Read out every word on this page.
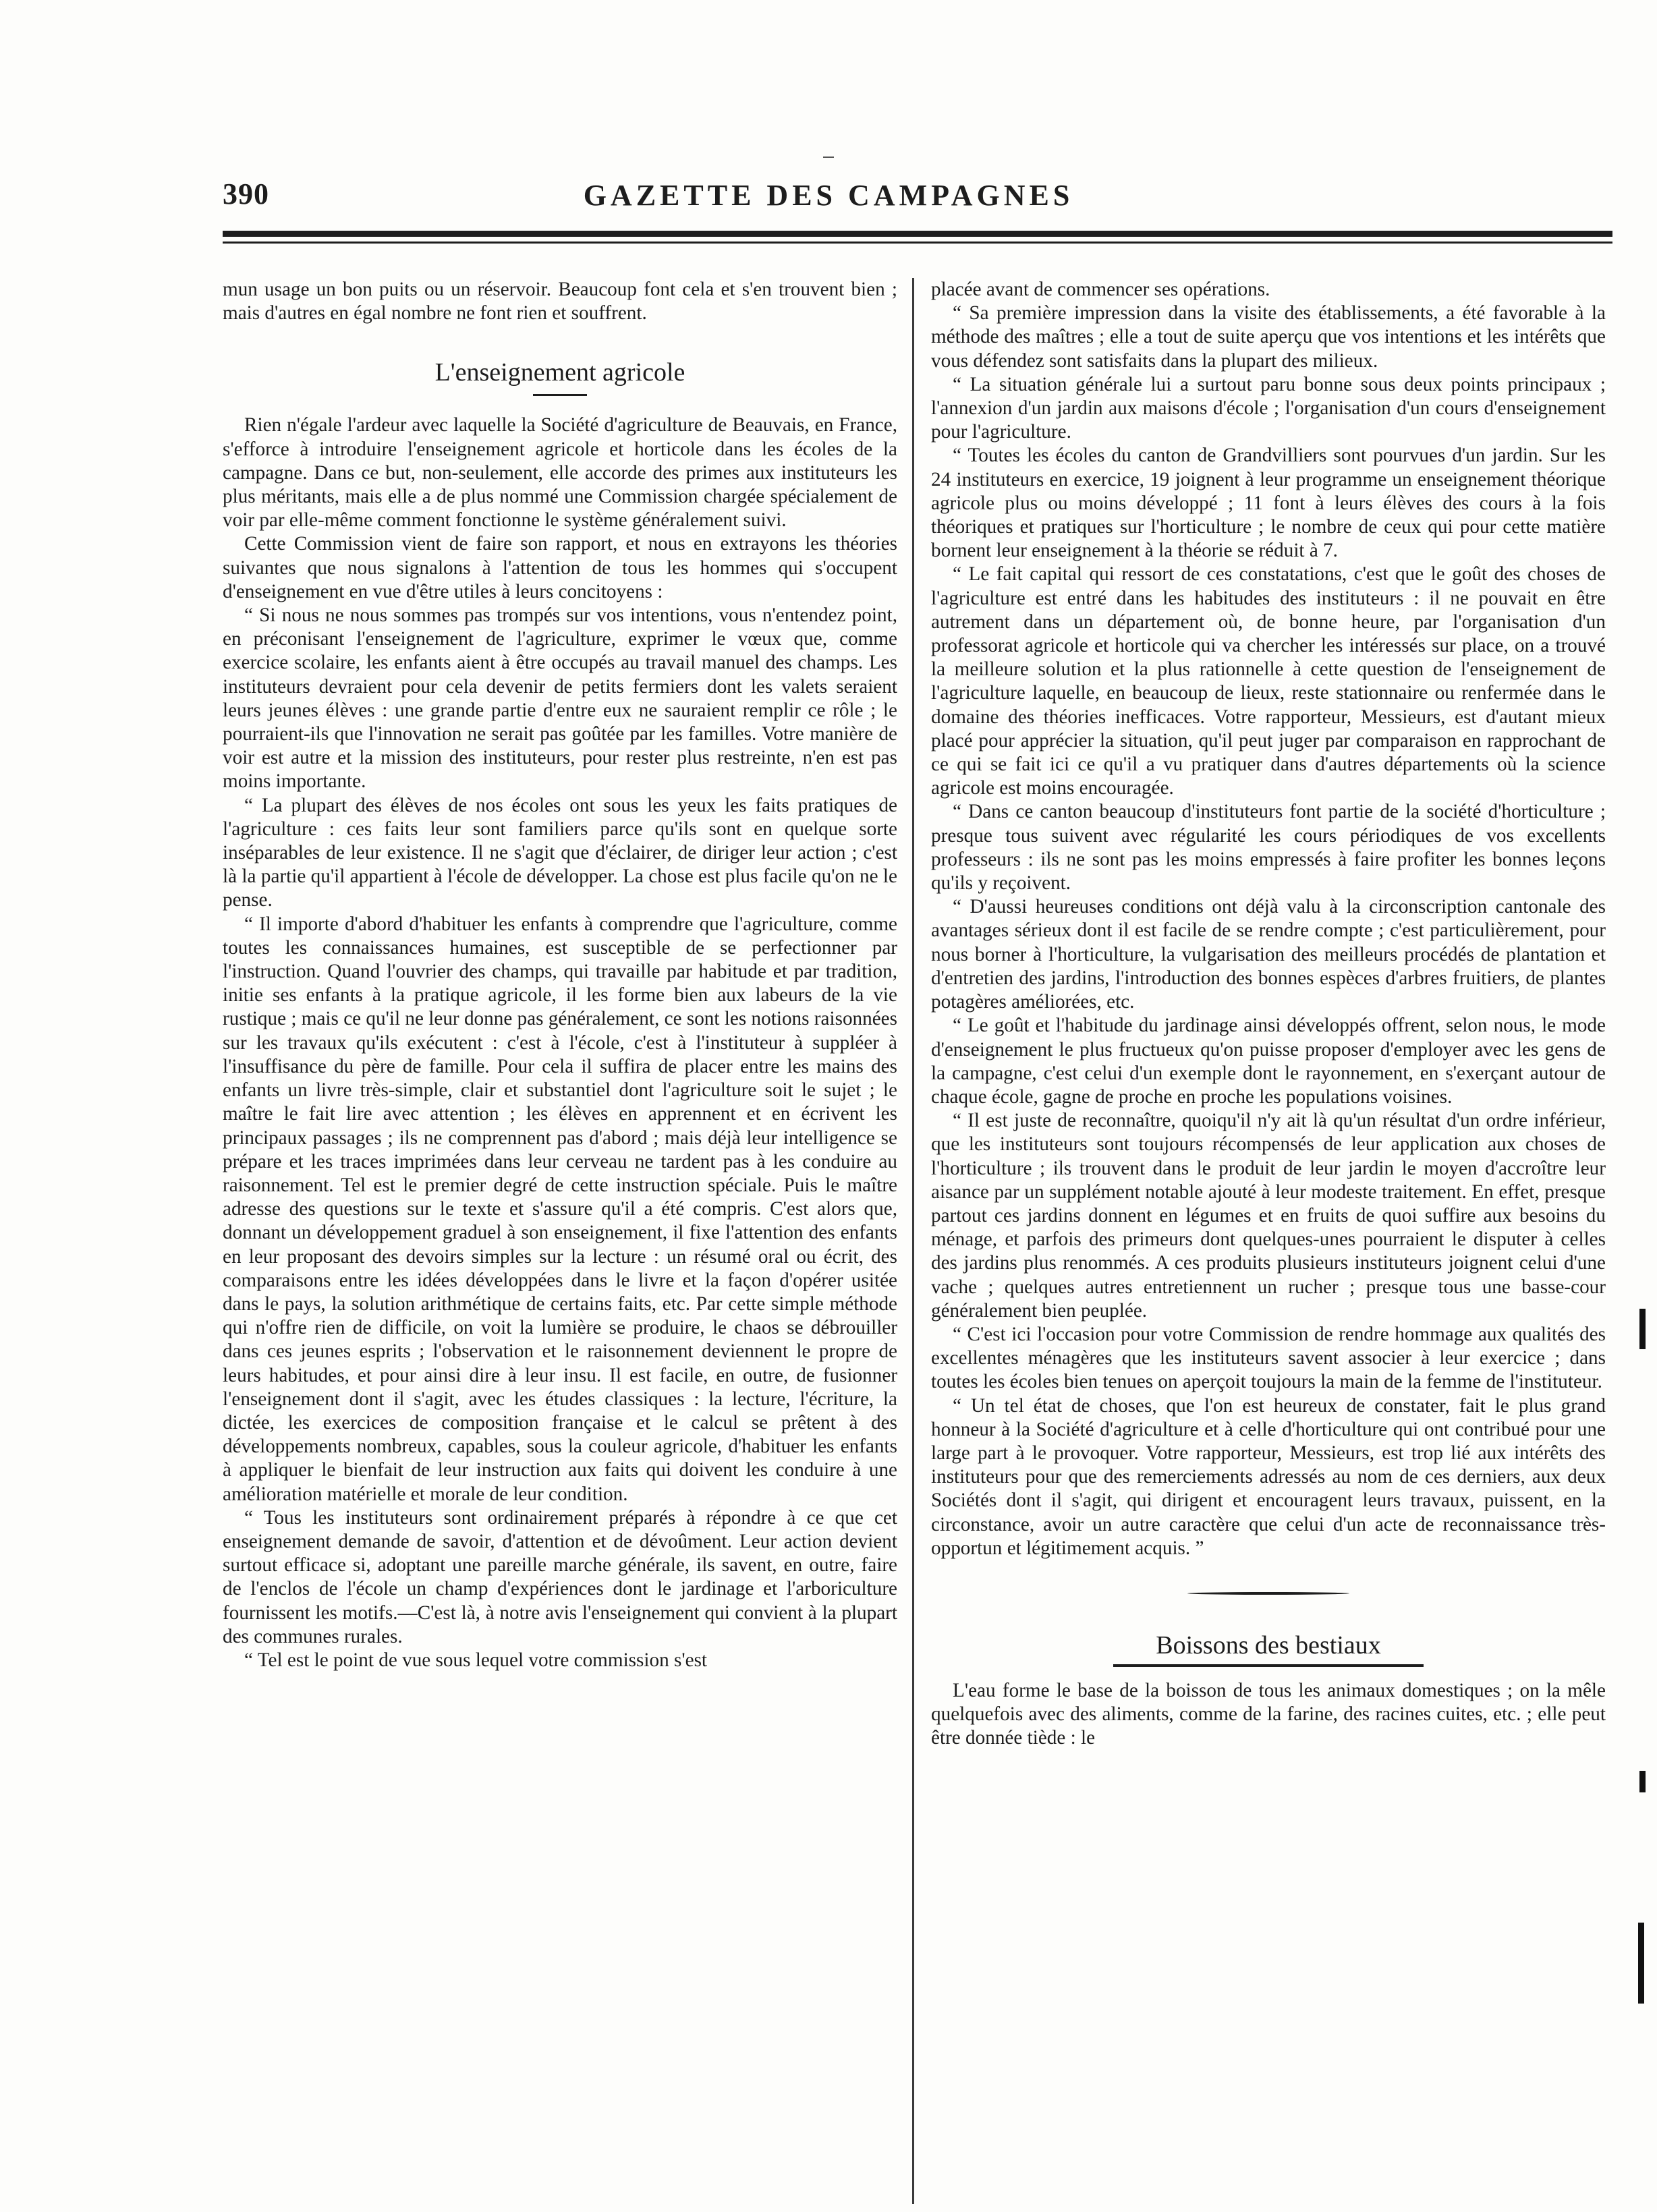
390	GAZETTE DES CAMPAGNES

mun usage un bon puits ou un réservoir. Beaucoup font cela et s'en trouvent bien ; mais d'autres en égal nombre ne font rien et souffrent.

L'enseignement agricole

Rien n'égale l'ardeur avec laquelle la Société d'agriculture de Beauvais, en France, s'efforce à introduire l'enseignement agricole et horticole dans les écoles de la campagne. Dans ce but, non-seulement, elle accorde des primes aux instituteurs les plus méritants, mais elle a de plus nommé une Commission chargée spécialement de voir par elle-même comment fonctionne le système généralement suivi.

Cette Commission vient de faire son rapport, et nous en extrayons les théories suivantes que nous signalons à l'attention de tous les hommes qui s'occupent d'enseignement en vue d'être utiles à leurs concitoyens :

“ Si nous ne nous sommes pas trompés sur vos intentions, vous n'entendez point, en préconisant l'enseignement de l'agriculture, exprimer le vœux que, comme exercice scolaire, les enfants aient à être occupés au travail manuel des champs. Les instituteurs devraient pour cela devenir de petits fermiers dont les valets seraient leurs jeunes élèves : une grande partie d'entre eux ne sauraient remplir ce rôle ; le pourraient-ils que l'innovation ne serait pas goûtée par les familles. Votre manière de voir est autre et la mission des instituteurs, pour rester plus restreinte, n'en est pas moins importante.

“ La plupart des élèves de nos écoles ont sous les yeux les faits pratiques de l'agriculture : ces faits leur sont familiers parce qu'ils sont en quelque sorte inséparables de leur existence. Il ne s'agit que d'éclairer, de diriger leur action ; c'est là la partie qu'il appartient à l'école de développer. La chose est plus facile qu'on ne le pense.

“ Il importe d'abord d'habituer les enfants à comprendre que l'agriculture, comme toutes les connaissances humaines, est susceptible de se perfectionner par l'instruction. Quand l'ouvrier des champs, qui travaille par habitude et par tradition, initie ses enfants à la pratique agricole, il les forme bien aux labeurs de la vie rustique ; mais ce qu'il ne leur donne pas généralement, ce sont les notions raisonnées sur les travaux qu'ils exécutent : c'est à l'école, c'est à l'instituteur à suppléer à l'insuffisance du père de famille. Pour cela il suffira de placer entre les mains des enfants un livre très-simple, clair et substantiel dont l'agriculture soit le sujet ; le maître le fait lire avec attention ; les élèves en apprennent et en écrivent les principaux passages ; ils ne comprennent pas d'abord ; mais déjà leur intelligence se prépare et les traces imprimées dans leur cerveau ne tardent pas à les conduire au raisonnement. Tel est le premier degré de cette instruction spéciale. Puis le maître adresse des questions sur le texte et s'assure qu'il a été compris. C'est alors que, donnant un développement graduel à son enseignement, il fixe l'attention des enfants en leur proposant des devoirs simples sur la lecture : un résumé oral ou écrit, des comparaisons entre les idées développées dans le livre et la façon d'opérer usitée dans le pays, la solution arithmétique de certains faits, etc. Par cette simple méthode qui n'offre rien de difficile, on voit la lumière se produire, le chaos se débrouiller dans ces jeunes esprits ; l'observation et le raisonnement deviennent le propre de leurs habitudes, et pour ainsi dire à leur insu. Il est facile, en outre, de fusionner l'enseignement dont il s'agit, avec les études classiques : la lecture, l'écriture, la dictée, les exercices de composition française et le calcul se prêtent à des développements nombreux, capables, sous la couleur agricole, d'habituer les enfants à appliquer le bienfait de leur instruction aux faits qui doivent les conduire à une amélioration matérielle et morale de leur condition.

“ Tous les instituteurs sont ordinairement préparés à répondre à ce que cet enseignement demande de savoir, d'attention et de dévoûment. Leur action devient surtout efficace si, adoptant une pareille marche générale, ils savent, en outre, faire de l'enclos de l'école un champ d'expériences dont le jardinage et l'arboriculture fournissent les motifs.—C'est là, à notre avis l'enseignement qui convient à la plupart des communes rurales.

“ Tel est le point de vue sous lequel votre commission s'est

placée avant de commencer ses opérations.

“ Sa première impression dans la visite des établissements, a été favorable à la méthode des maîtres ; elle a tout de suite aperçu que vos intentions et les intérêts que vous défendez sont satisfaits dans la plupart des milieux.

“ La situation générale lui a surtout paru bonne sous deux points principaux ; l'annexion d'un jardin aux maisons d'école ; l'organisation d'un cours d'enseignement pour l'agriculture.

“ Toutes les écoles du canton de Grandvilliers sont pourvues d'un jardin. Sur les 24 instituteurs en exercice, 19 joignent à leur programme un enseignement théorique agricole plus ou moins développé ; 11 font à leurs élèves des cours à la fois théoriques et pratiques sur l'horticulture ; le nombre de ceux qui pour cette matière bornent leur enseignement à la théorie se réduit à 7.

“ Le fait capital qui ressort de ces constatations, c'est que le goût des choses de l'agriculture est entré dans les habitudes des instituteurs : il ne pouvait en être autrement dans un département où, de bonne heure, par l'organisation d'un professorat agricole et horticole qui va chercher les intéressés sur place, on a trouvé la meilleure solution et la plus rationnelle à cette question de l'enseignement de l'agriculture laquelle, en beaucoup de lieux, reste stationnaire ou renfermée dans le domaine des théories inefficaces. Votre rapporteur, Messieurs, est d'autant mieux placé pour apprécier la situation, qu'il peut juger par comparaison en rapprochant de ce qui se fait ici ce qu'il a vu pratiquer dans d'autres départements où la science agricole est moins encouragée.

“ Dans ce canton beaucoup d'instituteurs font partie de la société d'horticulture ; presque tous suivent avec régularité les cours périodiques de vos excellents professeurs : ils ne sont pas les moins empressés à faire profiter les bonnes leçons qu'ils y reçoivent.

“ D'aussi heureuses conditions ont déjà valu à la circonscription cantonale des avantages sérieux dont il est facile de se rendre compte ; c'est particulièrement, pour nous borner à l'horticulture, la vulgarisation des meilleurs procédés de plantation et d'entretien des jardins, l'introduction des bonnes espèces d'arbres fruitiers, de plantes potagères améliorées, etc.

“ Le goût et l'habitude du jardinage ainsi développés offrent, selon nous, le mode d'enseignement le plus fructueux qu'on puisse proposer d'employer avec les gens de la campagne, c'est celui d'un exemple dont le rayonnement, en s'exerçant autour de chaque école, gagne de proche en proche les populations voisines.

“ Il est juste de reconnaître, quoiqu'il n'y ait là qu'un résultat d'un ordre inférieur, que les instituteurs sont toujours récompensés de leur application aux choses de l'horticulture ; ils trouvent dans le produit de leur jardin le moyen d'accroître leur aisance par un supplément notable ajouté à leur modeste traitement. En effet, presque partout ces jardins donnent en légumes et en fruits de quoi suffire aux besoins du ménage, et parfois des primeurs dont quelques-unes pourraient le disputer à celles des jardins plus renommés. A ces produits plusieurs instituteurs joignent celui d'une vache ; quelques autres entretiennent un rucher ; presque tous une basse-cour généralement bien peuplée.

“ C'est ici l'occasion pour votre Commission de rendre hommage aux qualités des excellentes ménagères que les instituteurs savent associer à leur exercice ; dans toutes les écoles bien tenues on aperçoit toujours la main de la femme de l'instituteur.

“ Un tel état de choses, que l'on est heureux de constater, fait le plus grand honneur à la Société d'agriculture et à celle d'horticulture qui ont contribué pour une large part à le provoquer. Votre rapporteur, Messieurs, est trop lié aux intérêts des instituteurs pour que des remerciements adressés au nom de ces derniers, aux deux Sociétés dont il s'agit, qui dirigent et encouragent leurs travaux, puissent, en la circonstance, avoir un autre caractère que celui d'un acte de reconnaissance très-opportun et légitimement acquis. ”

Boissons des bestiaux

L'eau forme le base de la boisson de tous les animaux domestiques ; on la mêle quelquefois avec des aliments, comme de la farine, des racines cuites, etc. ; elle peut être donnée tiède : le
